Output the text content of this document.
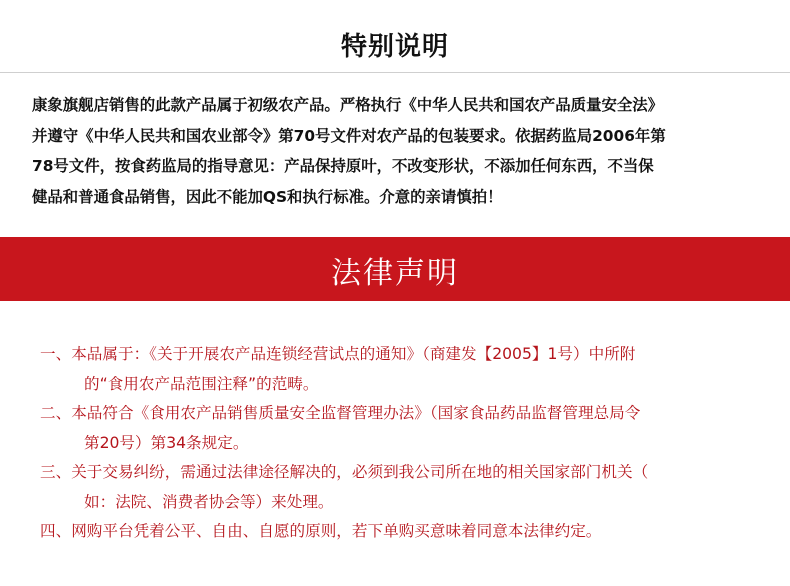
特别说明
康象旗舰店销售的此款产品属于初级农产品。严格执行《中华人民共和国农产品质量安全法》
并遵守《中华人民共和国农业部令》第70号文件对农产品的包装要求。依据药监局2006年第
78号文件，按食药监局的指导意见：产品保持原叶，不改变形状，不添加任何东西，不当保
健品和普通食品销售，因此不能加QS和执行标准。介意的亲请慎拍！
法律声明
一、本品属于：《关于开展农产品连锁经营试点的通知》（商建发【2005】1号）中所附
的“食用农产品范围注释”的范畴。
二、本品符合《食用农产品销售质量安全监督管理办法》（国家食品药品监督管理总局令
第20号）第34条规定。
三、关于交易纠纷，需通过法律途径解决的，必须到我公司所在地的相关国家部门机关（
如：法院、消费者协会等）来处理。
四、网购平台凭着公平、自由、自愿的原则，若下单购买意味着同意本法律约定。
